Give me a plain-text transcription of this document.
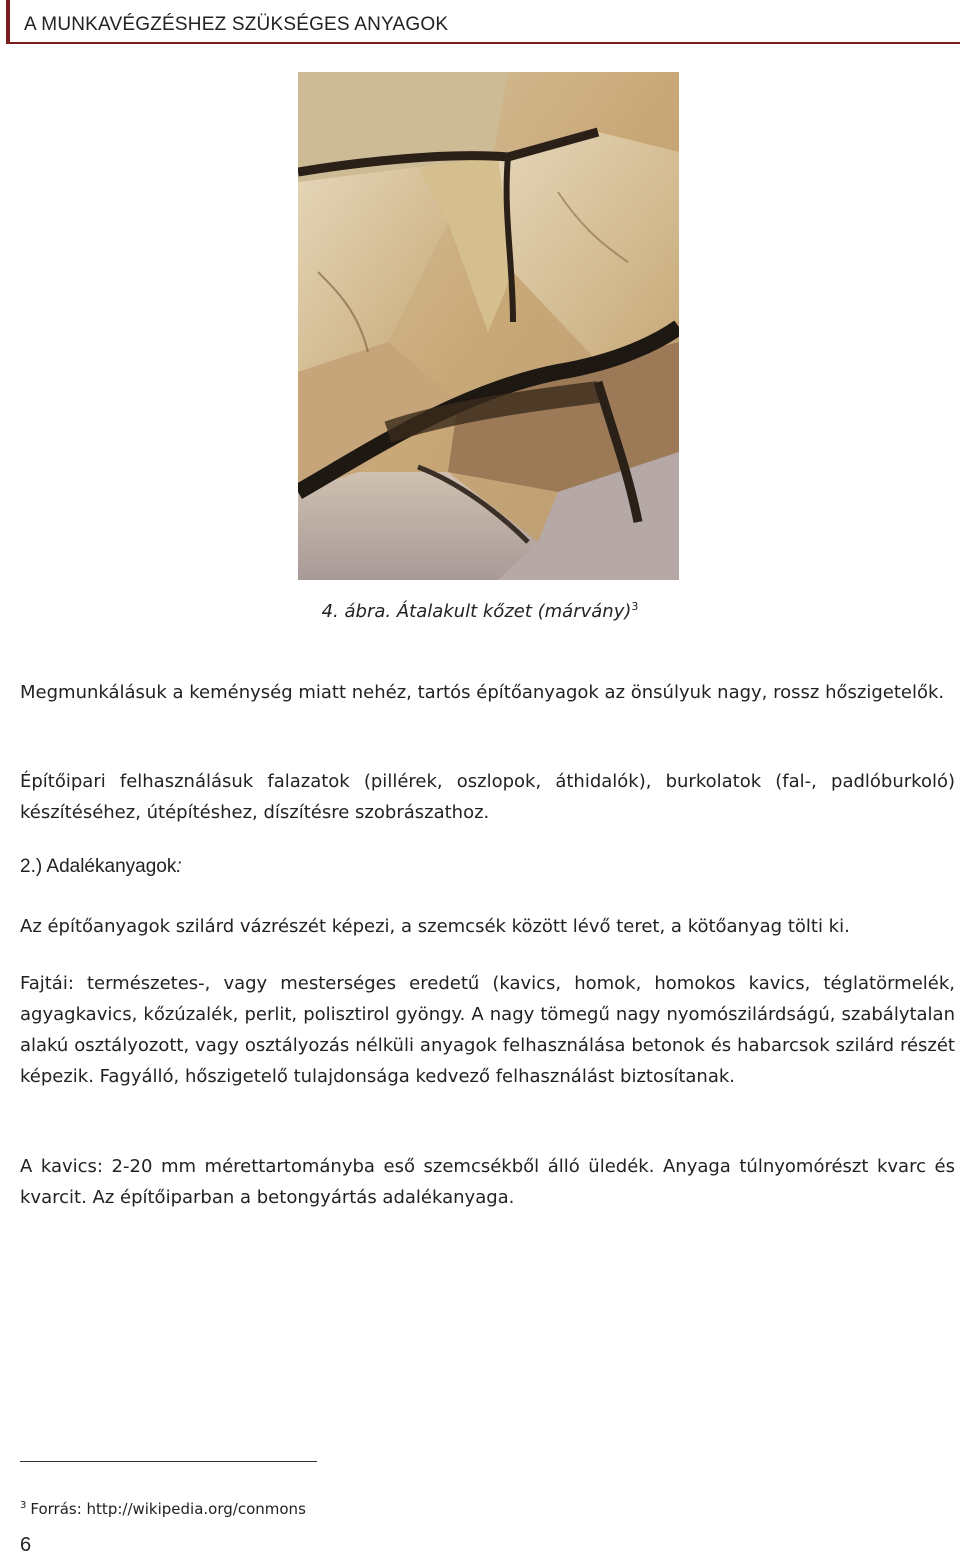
A MUNKAVÉGZÉSHEZ SZÜKSÉGES ANYAGOK
4. ábra. Átalakult kőzet (márvány)$^3$
Megmunkálásuk a keménység miatt nehéz, tartós építőanyagok az önsúlyuk nagy, rossz hőszigetelők.
Építőipari felhasználásuk falazatok (pillérek, oszlopok, áthidalók), burkolatok (fal-, padlóburkoló) készítéséhez, útépítéshez, díszítésre szobrászathoz.
2.) Adalékanyagok:
Az építőanyagok szilárd vázrészét képezi, a szemcsék között lévő teret, a kötőanyag tölti ki.
Fajtái: természetes-, vagy mesterséges eredetű (kavics, homok, homokos kavics, téglatörmelék, agyagkavics, kőzúzalék, perlit, polisztirol gyöngy. A nagy tömegű nagy nyomószilárdságú, szabálytalan alakú osztályozott, vagy osztályozás nélküli anyagok felhasználása betonok és habarcsok szilárd részét képezik. Fagyálló, hőszigetelő tulajdonsága kedvező felhasználást biztosítanak.
A kavics: 2-20 mm mérettartományba eső szemcsékből álló üledék. Anyaga túlnyomórészt kvarc és kvarcit. Az építőiparban a betongyártás adalékanyaga.
$^3$ Forrás: http://wikipedia.org/conmons
6
